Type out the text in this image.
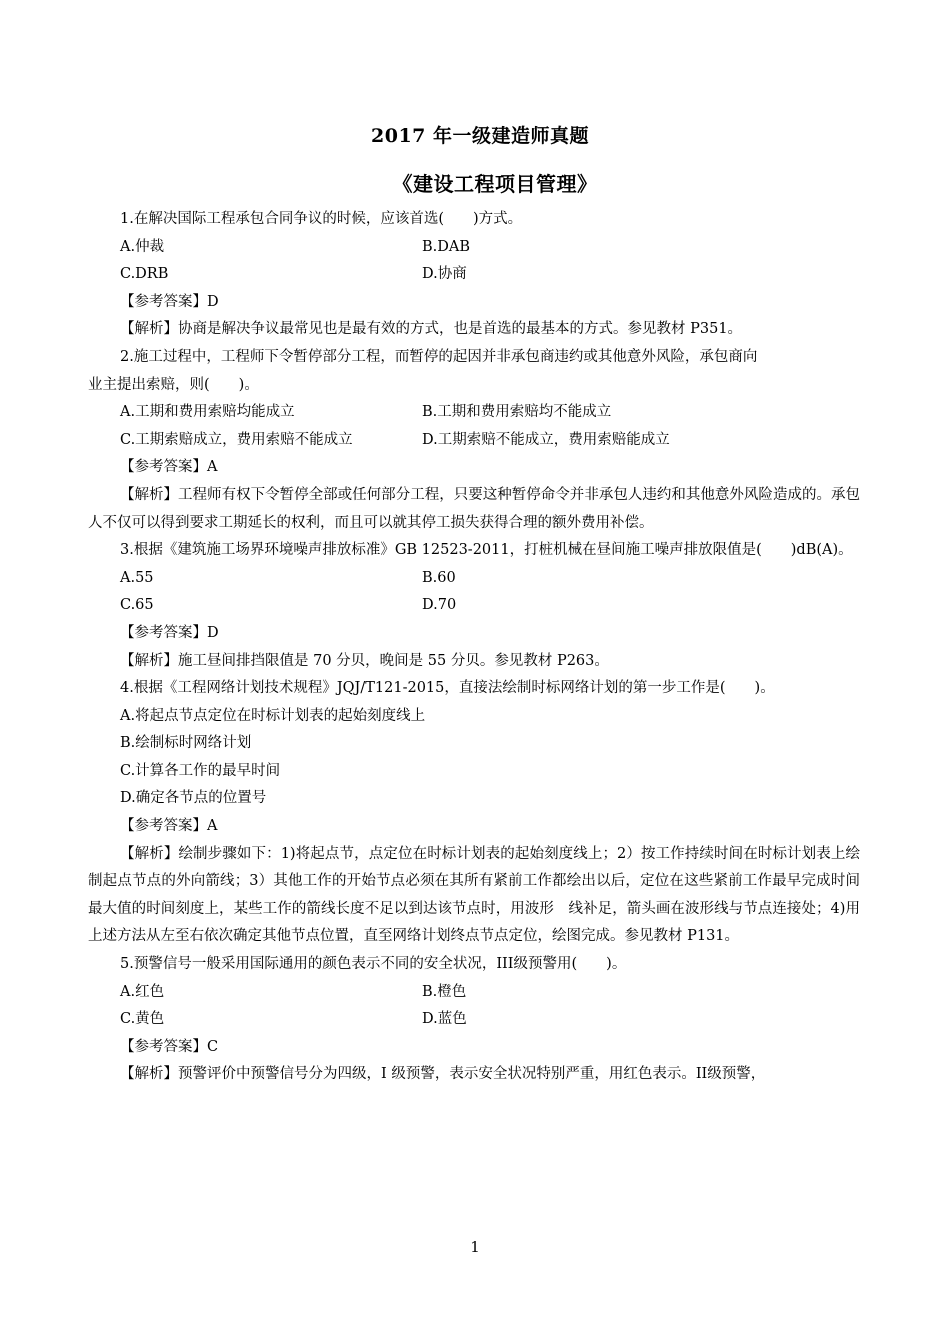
2017 年一级建造师真题
《建设工程项目管理》

1.在解决国际工程承包合同争议的时候，应该首选(　　)方式。

A.仲裁	B.DAB
C.DRB	D.协商

【参考答案】D

【解析】协商是解决争议最常见也是最有效的方式，也是首选的最基本的方式。参见教材 P351。

2.施工过程中，工程师下令暂停部分工程，而暂停的起因并非承包商违约或其他意外风险，承包商向

业主提出索赔，则(　　)。

A.工期和费用索赔均能成立	B.工期和费用索赔均不能成立
C.工期索赔成立，费用索赔不能成立	D.工期索赔不能成立，费用索赔能成立

【参考答案】A

【解析】工程师有权下令暂停全部或任何部分工程，只要这种暂停命令并非承包人违约和其他意外风险造成的。承包人不仅可以得到要求工期延长的权利，而且可以就其停工损失获得合理的额外费用补偿。

3.根据《建筑施工场界环境噪声排放标准》GB 12523-2011，打桩机械在昼间施工噪声排放限值是(　　)dB(A)。

A.55	B.60
C.65	D.70

【参考答案】D

【解析】施工昼间排挡限值是 70 分贝，晚间是 55 分贝。参见教材 P263。

4.根据《工程网络计划技术规程》JQJ/T121-2015，直接法绘制时标网络计划的第一步工作是(　　)。

A.将起点节点定位在时标计划表的起始刻度线上
B.绘制标时网络计划
C.计算各工作的最早时间
D.确定各节点的位置号

【参考答案】A

【解析】绘制步骤如下：1)将起点节，点定位在时标计划表的起始刻度线上；2）按工作持续时间在时标计划表上绘制起点节点的外向箭线；3）其他工作的开始节点必须在其所有紧前工作都绘出以后，定位在这些紧前工作最早完成时间最大值的时间刻度上，某些工作的箭线长度不足以到达该节点时，用波形　线补足，箭头画在波形线与节点连接处；4)用上述方法从左至右依次确定其他节点位置，直至网络计划终点节点定位，绘图完成。参见教材 P131。

5.预警信号一般采用国际通用的颜色表示不同的安全状况，III级预警用(　　)。

A.红色	B.橙色
C.黄色	D.蓝色

【参考答案】C

【解析】预警评价中预警信号分为四级，I 级预警，表示安全状况特别严重，用红色表示。II级预警，

1
